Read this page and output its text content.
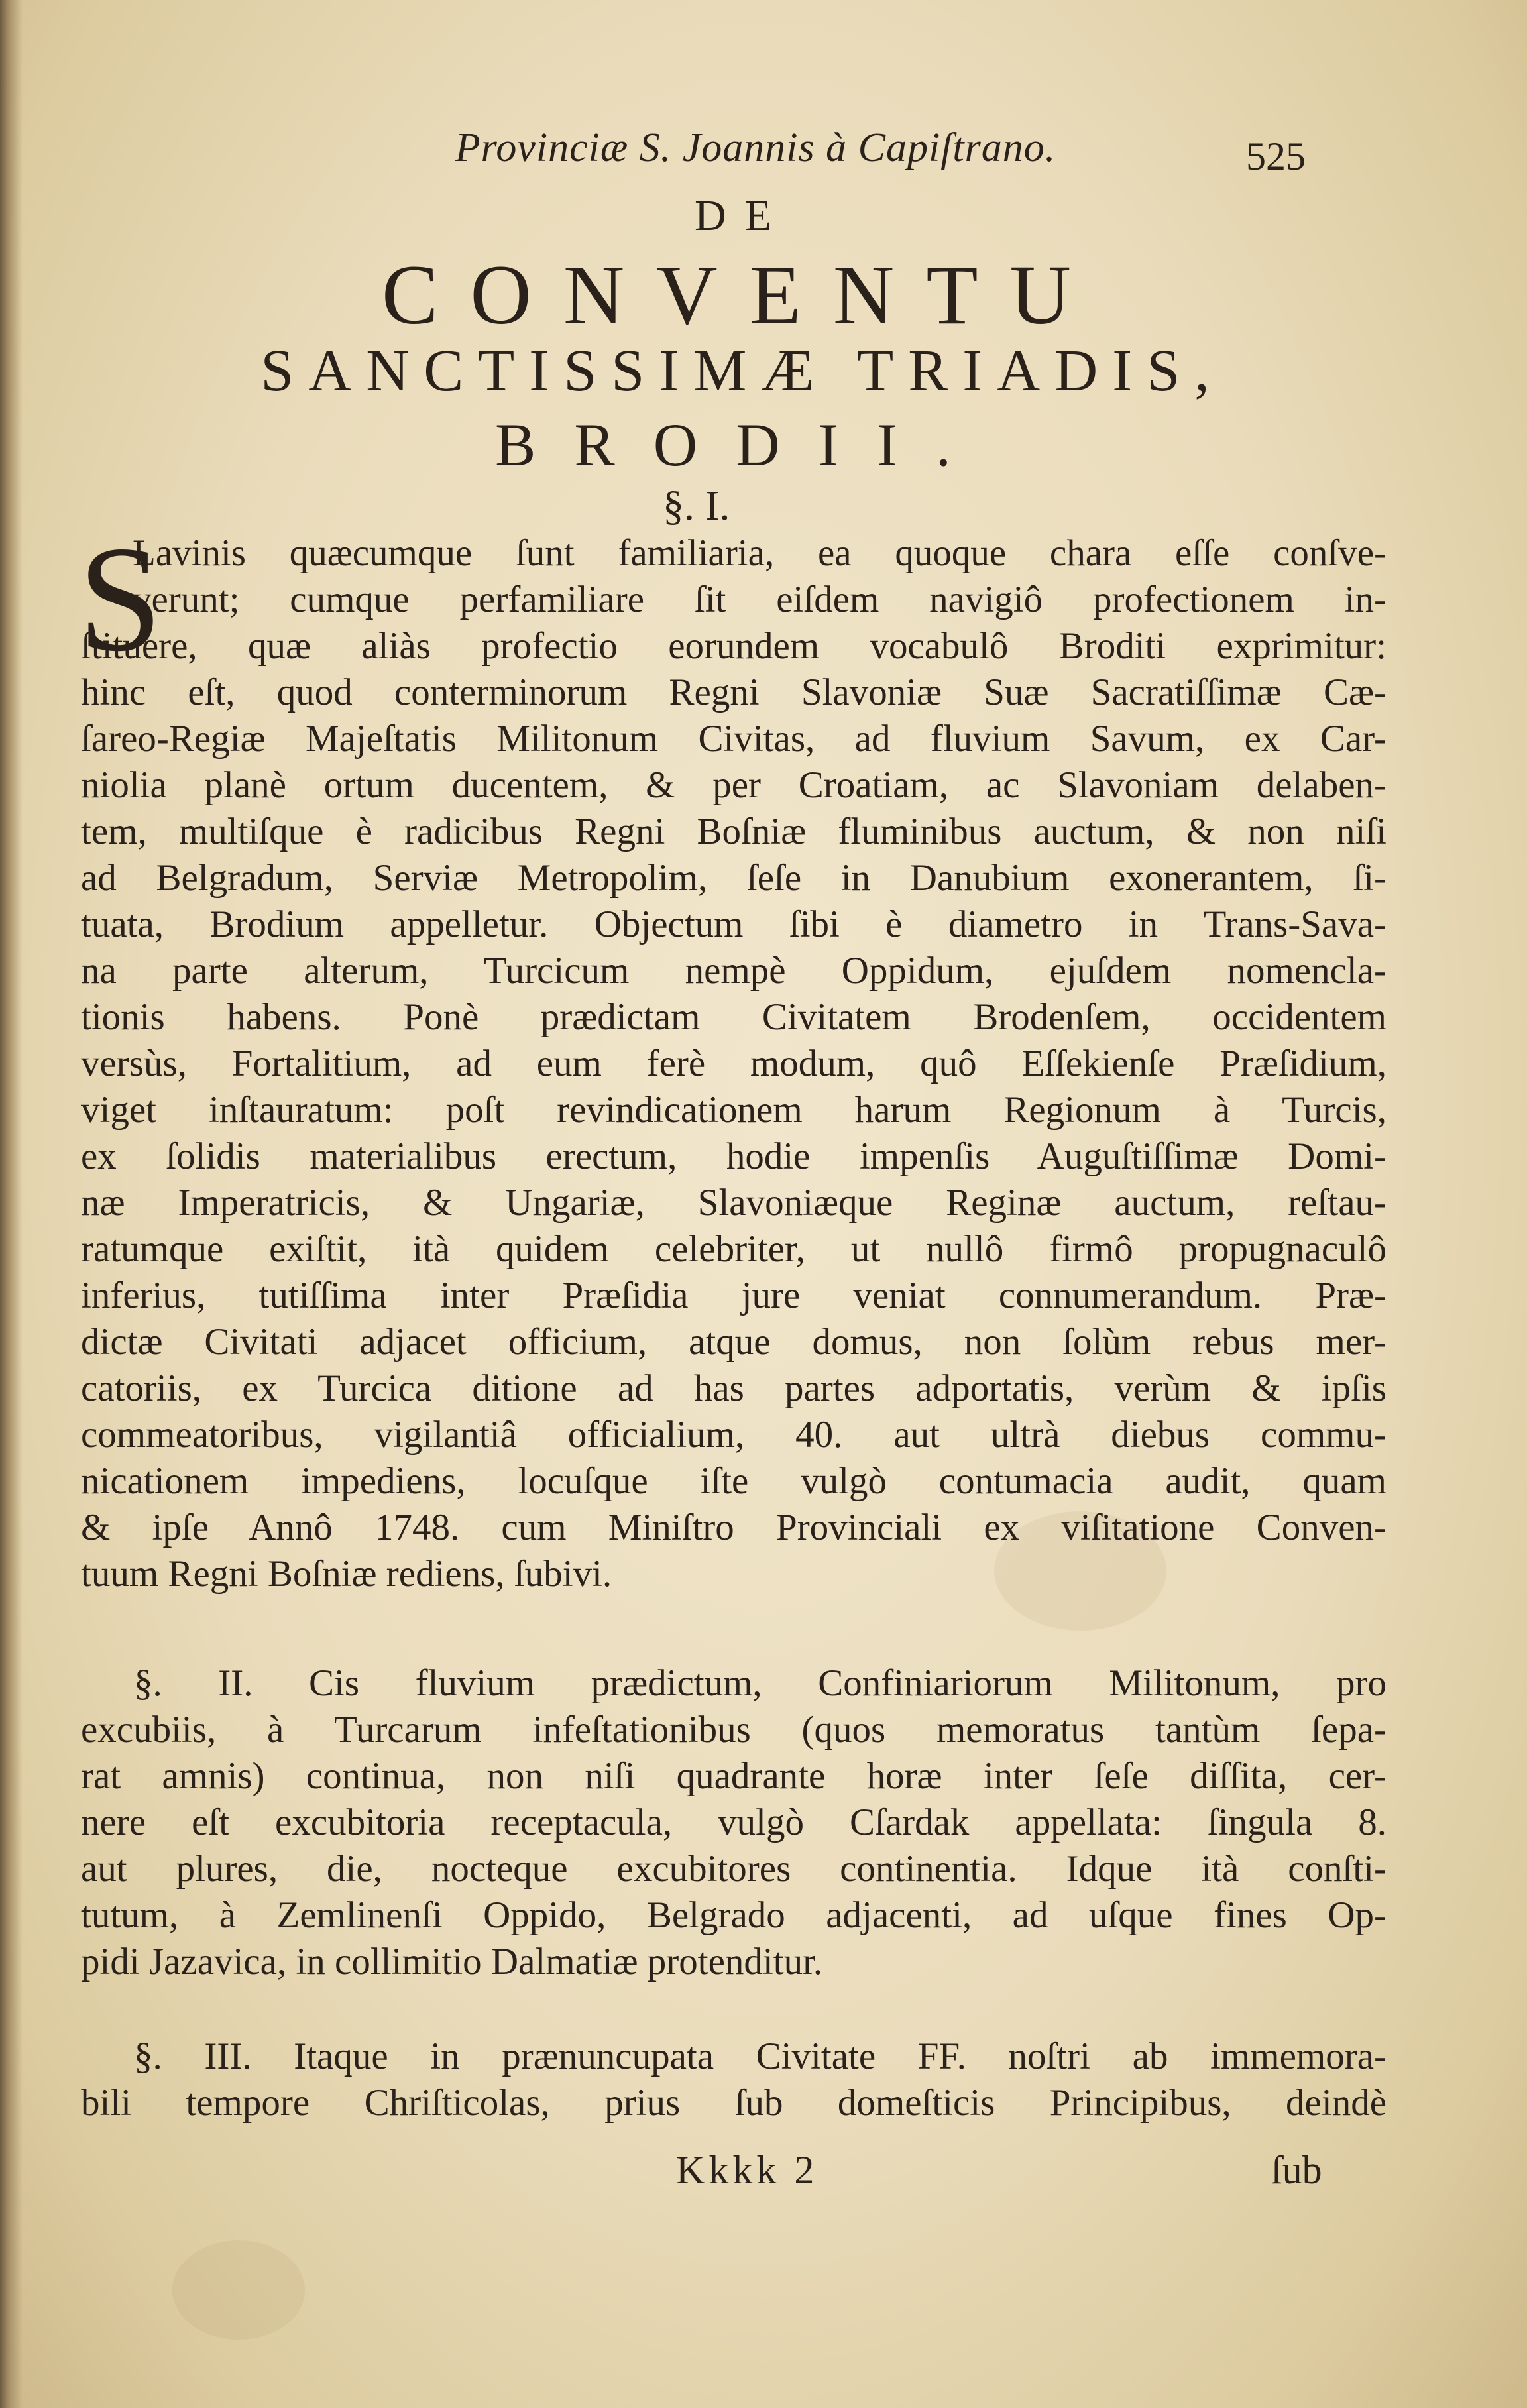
Provinciæ S. Joannis à Capiſtrano.	525
DE
CONVENTU
SANCTISSIMÆ TRIADIS,
BRODII.
§. I.
S
Lavinis quæcumque ſunt familiaria, ea quoque chara eſſe conſve-
verunt; cumque perfamiliare ſit eiſdem navigiô profectionem in-
ſtituere, quæ aliàs profectio eorundem vocabulô Broditi exprimitur:
hinc eſt, quod conterminorum Regni Slavoniæ Suæ Sacratiſſimæ Cæ-
ſareo-Regiæ Majeſtatis Militonum Civitas, ad fluvium Savum, ex Car-
niolia planè ortum ducentem, & per Croatiam, ac Slavoniam delaben-
tem, multiſque è radicibus Regni Boſniæ fluminibus auctum, & non niſi
ad Belgradum, Serviæ Metropolim, ſeſe in Danubium exonerantem, ſi-
tuata, Brodium appelletur. Objectum ſibi è diametro in Trans-Sava-
na parte alterum, Turcicum nempè Oppidum, ejuſdem nomencla-
tionis habens. Ponè prædictam Civitatem Brodenſem, occidentem
versùs, Fortalitium, ad eum ferè modum, quô Eſſekienſe Præſidium,
viget inſtauratum: poſt revindicationem harum Regionum à Turcis,
ex ſolidis materialibus erectum, hodie impenſis Auguſtiſſimæ Domi-
næ Imperatricis, & Ungariæ, Slavoniæque Reginæ auctum, reſtau-
ratumque exiſtit, ità quidem celebriter, ut nullô firmô propugnaculô
inferius, tutiſſima inter Præſidia jure veniat connumerandum. Præ-
dictæ Civitati adjacet officium, atque domus, non ſolùm rebus mer-
catoriis, ex Turcica ditione ad has partes adportatis, verùm & ipſis
commeatoribus, vigilantiâ officialium, 40. aut ultrà diebus commu-
nicationem impediens, locuſque iſte vulgò contumacia audit, quam
& ipſe Annô 1748. cum Miniſtro Provinciali ex viſitatione Conven-
tuum Regni Boſniæ rediens, ſubivi.
§. II. Cis fluvium prædictum, Confiniariorum Militonum, pro
excubiis, à Turcarum infeſtationibus (quos memoratus tantùm ſepa-
rat amnis) continua, non niſi quadrante horæ inter ſeſe diſſita, cer-
nere eſt excubitoria receptacula, vulgò Cſardak appellata: ſingula 8.
aut plures, die, nocteque excubitores continentia. Idque ità conſti-
tutum, à Zemlinenſi Oppido, Belgrado adjacenti, ad uſque fines Op-
pidi Jazavica, in collimitio Dalmatiæ protenditur.
§. III. Itaque in prænuncupata Civitate FF. noſtri ab immemora-
bili tempore Chriſticolas, prius ſub domeſticis Principibus, deindè
Kkkk 2	ſub
